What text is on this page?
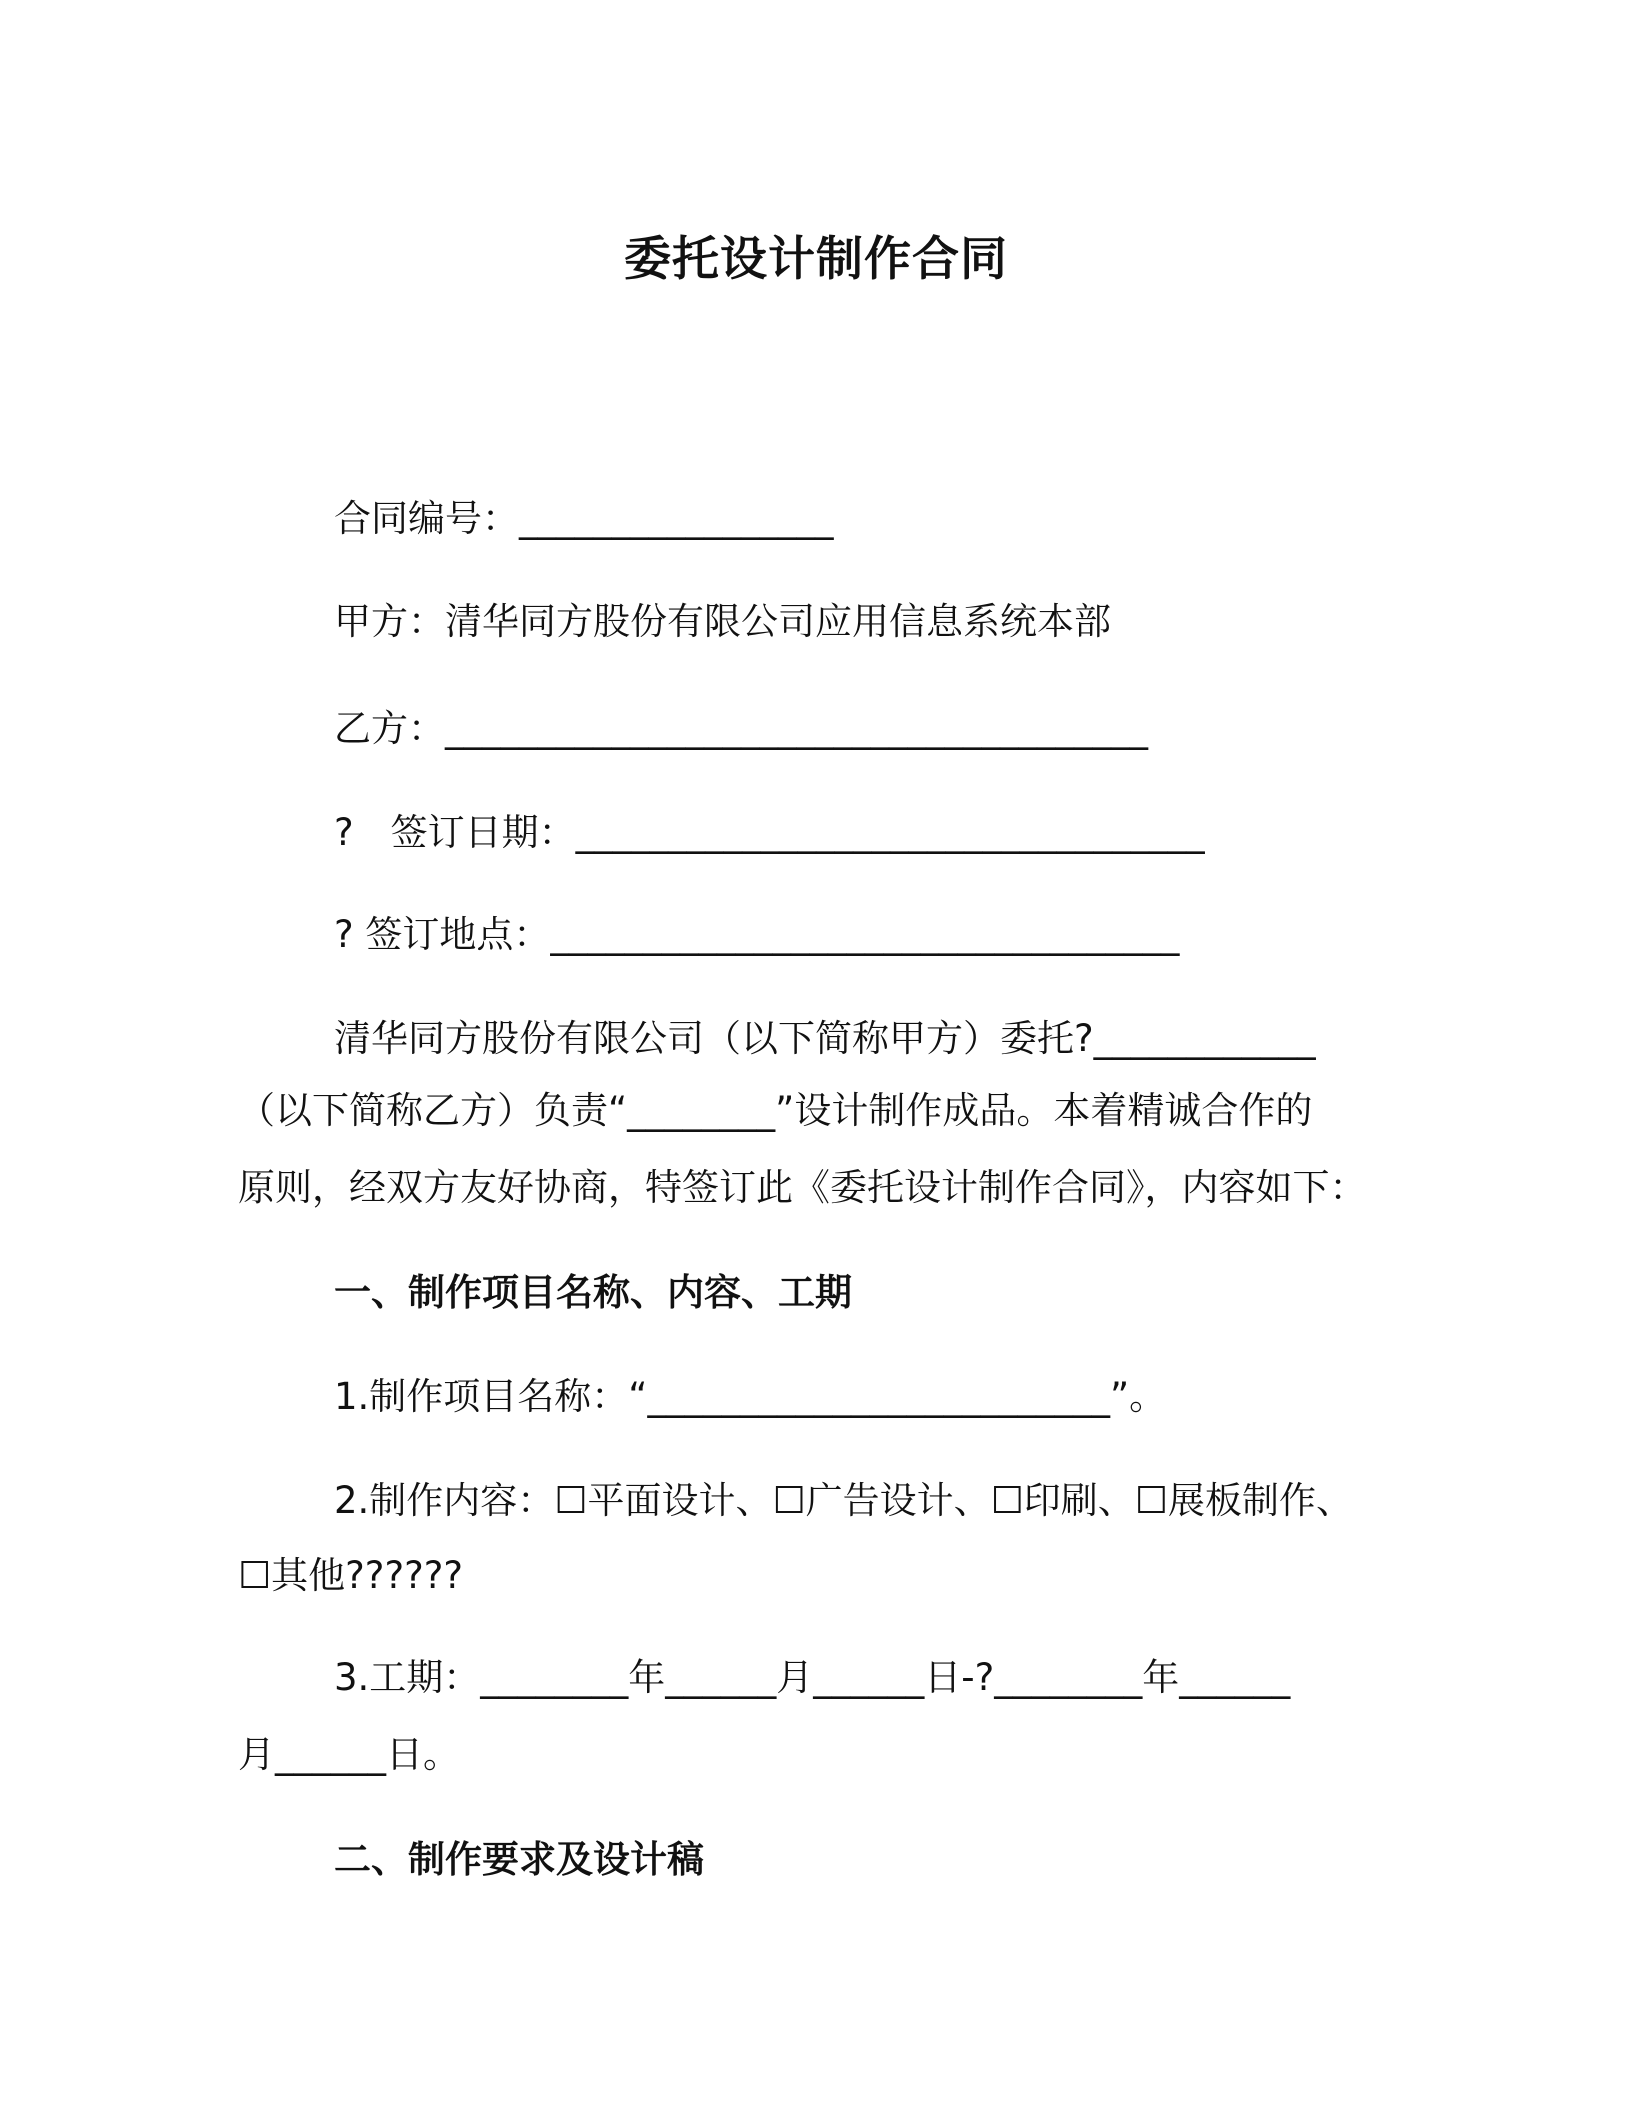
委托设计制作合同
合同编号：_________________
甲方：清华同方股份有限公司应用信息系统本部
乙方：______________________________________
?　签订日期：__________________________________
? 签订地点：__________________________________
清华同方股份有限公司（以下简称甲方）委托?____________
（以下简称乙方）负责“________”设计制作成品。本着精诚合作的
原则，经双方友好协商，特签订此《委托设计制作合同》，内容如下：
一、制作项目名称、内容、工期
1.制作项目名称：“_________________________”。
2.制作内容：☐平面设计、☐广告设计、☐印刷、☐展板制作、
☐其他??????
3.工期：________年______月______日-?________年______
月______日。
二、制作要求及设计稿
